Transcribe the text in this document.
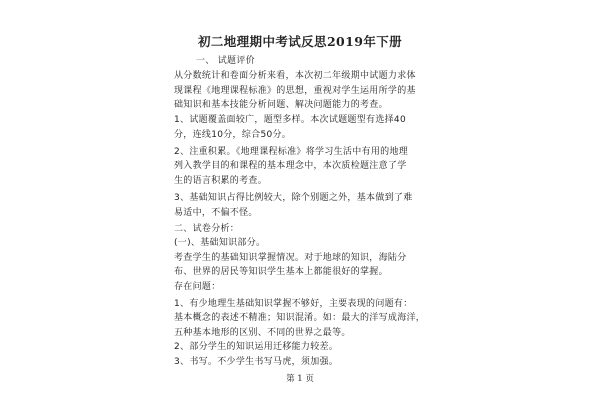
初二地理期中考试反思2019年下册
一、 试题评价
从分数统计和卷面分析来看，本次初二年级期中试题力求体
现课程《地理课程标准》的思想，重视对学生运用所学的基
础知识和基本技能分析问题、解决问题能力的考查。
1、试题覆盖面较广，题型多样。本次试题题型有选择40
分，连线10分，综合50分。
2、注重积累。《地理课程标准》将学习生活中有用的地理
列入教学目的和课程的基本理念中，本次质检题注意了学
生的语言积累的考查。
3、基础知识占得比例较大，除个别题之外，基本做到了难
易适中，不偏不怪。
二、试卷分析：
(一)、基础知识部分。
考查学生的基础知识掌握情况。对于地球的知识，海陆分
布、世界的居民等知识学生基本上都能很好的掌握。
存在问题：
1、有少地理生基础知识掌握不够好，主要表现的问题有：
基本概念的表述不精准；知识混淆。如：最大的洋写成海洋，
五种基本地形的区别、不同的世界之最等。
2、部分学生的知识运用迁移能力较差。
3、书写。不少学生书写马虎，须加强。
第 1 页
